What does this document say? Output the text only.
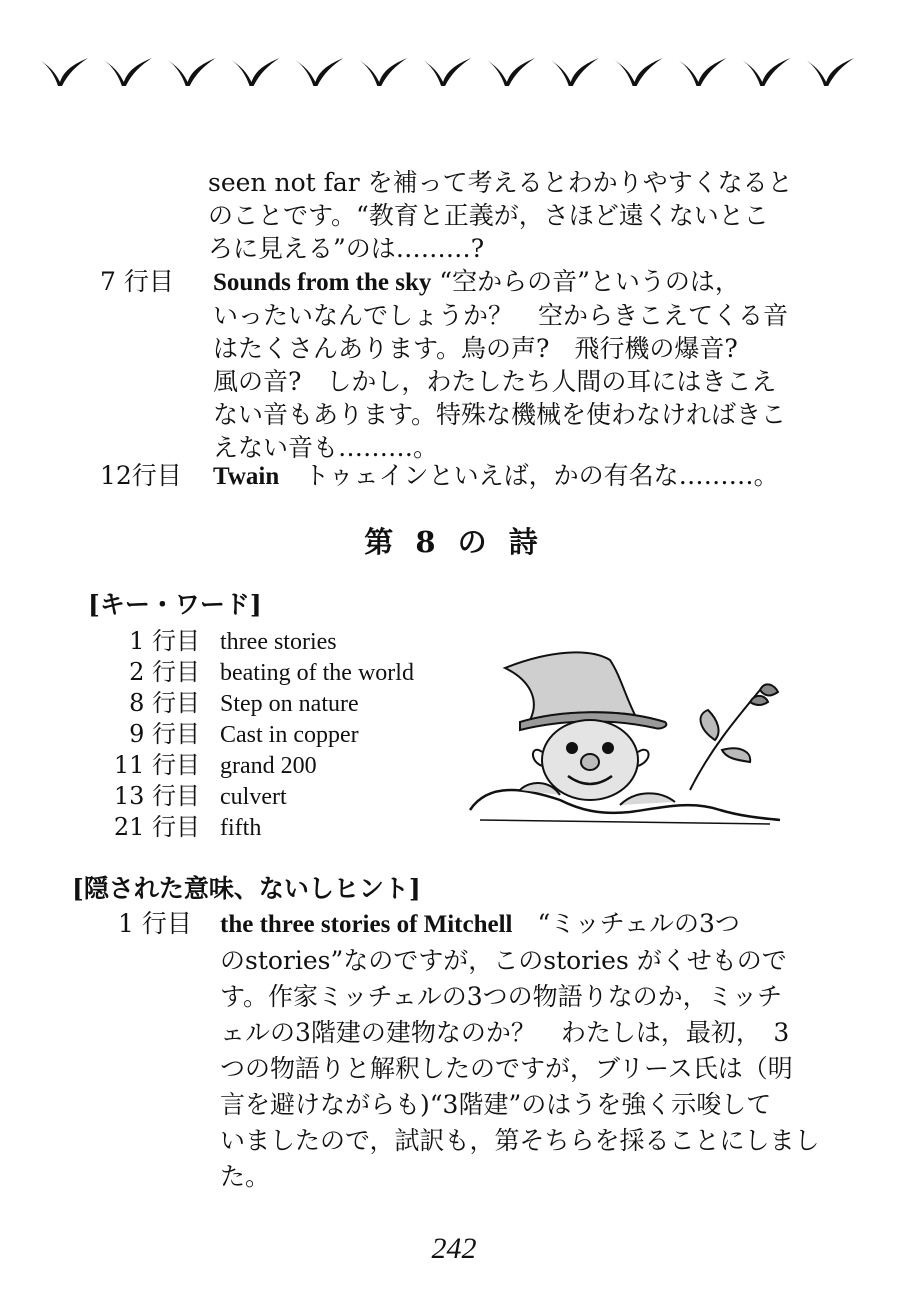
seen not far を補って考えるとわかりやすくなると
のことです。“教育と正義が，さほど遠くないとこ
ろに見える”のは………?
7 行目 Sounds from the sky “空からの音”というのは，
いったいなんでしょうか？　空からきこえてくる音
はたくさんあります。鳥の声?　飛行機の爆音?
風の音?　しかし，わたしたち人間の耳にはきこえ
ない音もあります。特殊な機械を使わなければきこ
えない音も………。
12行目 Twain　トゥェインといえば，かの有名な………。
第 8 の 詩
[キー・ワード]
1 行目 three stories
2 行目 beating of the world
8 行目 Step on nature
9 行目 Cast in copper
11 行目 grand 200
13 行目 culvert
21 行目 fifth
[隠された意味、ないしヒント]
1 行目 the three stories of Mitchell　“ミッチェルの3つ
のstories”なのですが，このstories がくせもので
す。作家ミッチェルの3つの物語りなのか，ミッチ
ェルの3階建の建物なのか？　わたしは，最初，　3
つの物語りと解釈したのですが，ブリース氏は（明
言を避けながらも)“3階建”のはうを強く示唆して
いましたので，試訳も，第そちらを採ることにしまし
た。
242
